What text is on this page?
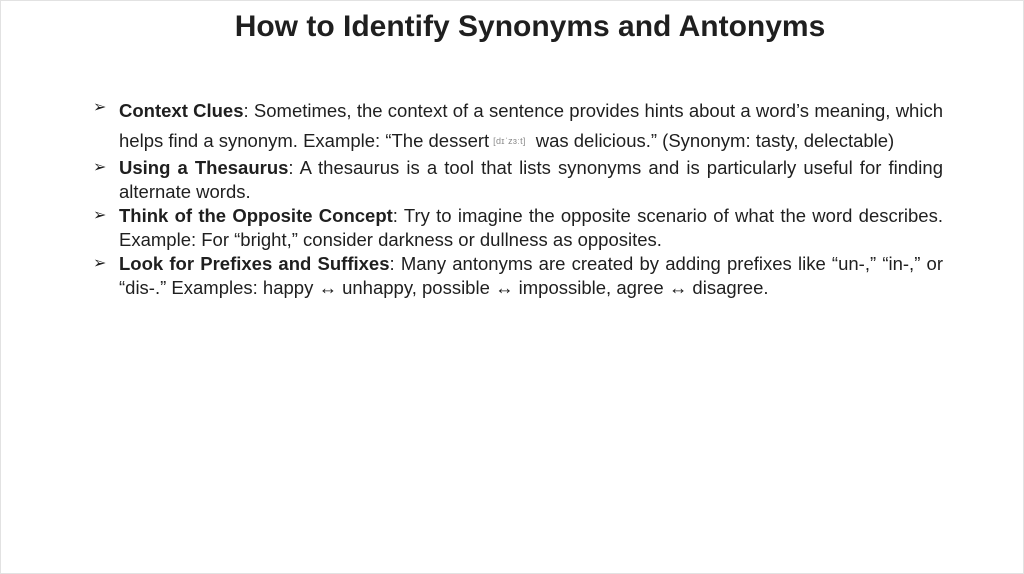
How to Identify Synonyms and Antonyms
➢ Context Clues: Sometimes, the context of a sentence provides hints about a word’s meaning, which helps find a synonym. Example: “The dessert [dɪˈzɜːt] was delicious.” (Synonym: tasty, delectable)
➢ Using a Thesaurus: A thesaurus is a tool that lists synonyms and is particularly useful for finding alternate words.
➢ Think of the Opposite Concept: Try to imagine the opposite scenario of what the word describes. Example: For “bright,” consider darkness or dullness as opposites.
➢ Look for Prefixes and Suffixes: Many antonyms are created by adding prefixes like “un-,” “in-,” or “dis-.” Examples: happy ↔ unhappy, possible ↔ impossible, agree ↔ disagree.
